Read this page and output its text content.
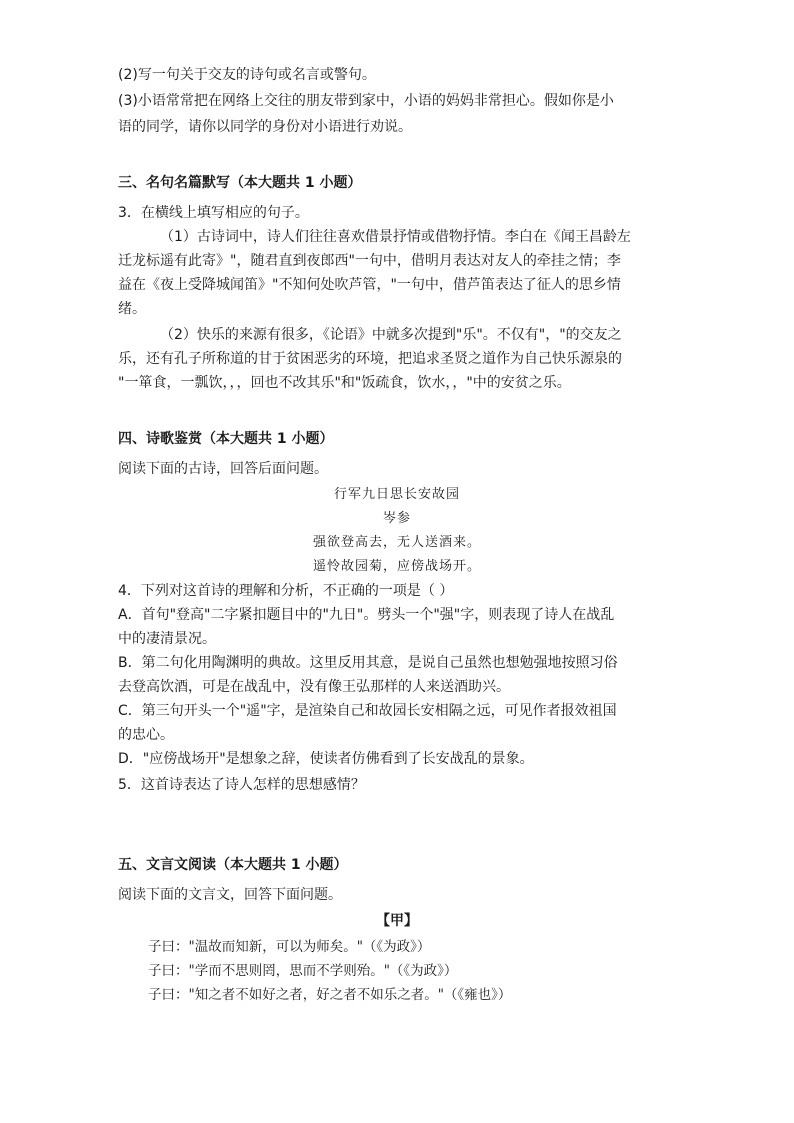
(2)写一句关于交友的诗句或名言或警句。
(3)小语常常把在网络上交往的朋友带到家中，小语的妈妈非常担心。假如你是小
语的同学，请你以同学的身份对小语进行劝说。
三、名句名篇默写（本大题共 1 小题）
3．在横线上填写相应的句子。
（1）古诗词中，诗人们往往喜欢借景抒情或借物抒情。李白在《闻王昌龄左
迁龙标遥有此寄》"，随君直到夜郎西"一句中，借明月表达对友人的牵挂之情；李
益在《夜上受降城闻笛》"不知何处吹芦管，"一句中，借芦笛表达了征人的思乡情
绪。
（2）快乐的来源有很多，《论语》中就多次提到"乐"。不仅有"，"的交友之
乐，还有孔子所称道的甘于贫困恶劣的环境，把追求圣贤之道作为自己快乐源泉的
"一箪食，一瓢饮，，，回也不改其乐"和"饭疏食，饮水，，"中的安贫之乐。
四、诗歌鉴赏（本大题共 1 小题）
阅读下面的古诗，回答后面问题。
行军九日思长安故园
岑参
强欲登高去，无人送酒来。
遥怜故园菊，应傍战场开。
4．下列对这首诗的理解和分析，不正确的一项是（ ）
A．首句"登高"二字紧扣题目中的"九日"。劈头一个"强"字，则表现了诗人在战乱
中的凄清景况。
B．第二句化用陶渊明的典故。这里反用其意，是说自己虽然也想勉强地按照习俗
去登高饮酒，可是在战乱中，没有像王弘那样的人来送酒助兴。
C．第三句开头一个"遥"字，是渲染自己和故园长安相隔之远，可见作者报效祖国
的忠心。
D．"应傍战场开"是想象之辞，使读者仿佛看到了长安战乱的景象。
5．这首诗表达了诗人怎样的思想感情？
五、文言文阅读（本大题共 1 小题）
阅读下面的文言文，回答下面问题。
【甲】
子曰："温故而知新，可以为师矣。"（《为政》）
子曰："学而不思则罔，思而不学则殆。"（《为政》）
子曰："知之者不如好之者，好之者不如乐之者。"（《雍也》）
